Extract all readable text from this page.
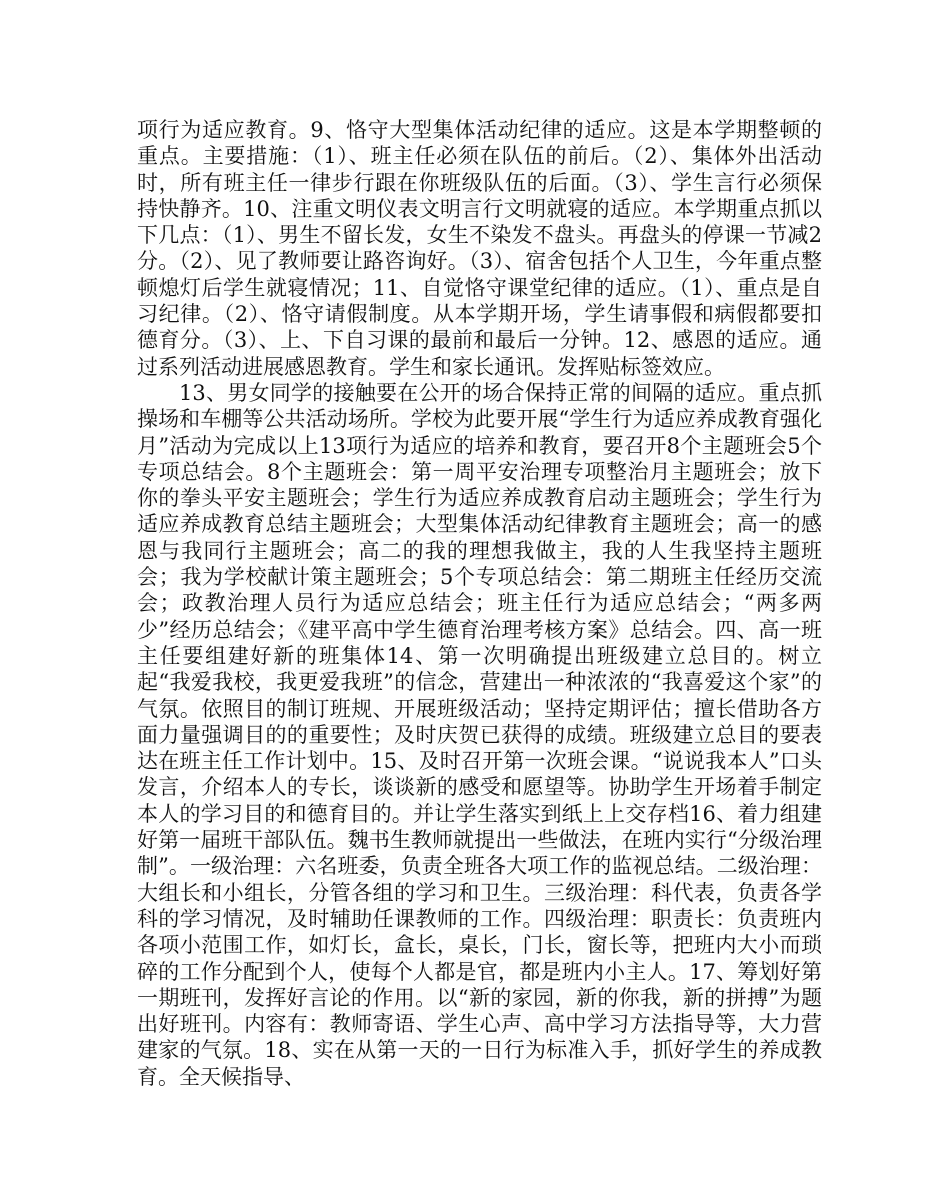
项行为适应教育。9、恪守大型集体活动纪律的适应。这是本学期整顿的重点。主要措施：（1）、班主任必须在队伍的前后。（2）、集体外出活动时，所有班主任一律步行跟在你班级队伍的后面。（3）、学生言行必须保持快静齐。10、注重文明仪表文明言行文明就寝的适应。本学期重点抓以下几点：（1）、男生不留长发，女生不染发不盘头。再盘头的停课一节减2分。（2）、见了教师要让路咨询好。（3）、宿舍包括个人卫生，今年重点整顿熄灯后学生就寝情况；11、自觉恪守课堂纪律的适应。（1）、重点是自习纪律。（2）、恪守请假制度。从本学期开场，学生请事假和病假都要扣德育分。（3）、上、下自习课的最前和最后一分钟。12、感恩的适应。通过系列活动进展感恩教育。学生和家长通讯。发挥贴标签效应。

13、男女同学的接触要在公开的场合保持正常的间隔的适应。重点抓操场和车棚等公共活动场所。学校为此要开展“学生行为适应养成教育强化月”活动为完成以上13项行为适应的培养和教育，要召开8个主题班会5个专项总结会。8个主题班会：第一周平安治理专项整治月主题班会；放下你的拳头平安主题班会；学生行为适应养成教育启动主题班会；学生行为适应养成教育总结主题班会；大型集体活动纪律教育主题班会；高一的感恩与我同行主题班会；高二的我的理想我做主，我的人生我坚持主题班会；我为学校献计策主题班会；5个专项总结会：第二期班主任经历交流会；政教治理人员行为适应总结会；班主任行为适应总结会；“两多两少”经历总结会；《建平高中学生德育治理考核方案》总结会。四、高一班主任要组建好新的班集体14、第一次明确提出班级建立总目的。树立起“我爱我校，我更爱我班”的信念，营建出一种浓浓的“我喜爱这个家”的气氛。依照目的制订班规、开展班级活动；坚持定期评估；擅长借助各方面力量强调目的的重要性；及时庆贺已获得的成绩。班级建立总目的要表达在班主任工作计划中。15、及时召开第一次班会课。“说说我本人”口头发言，介绍本人的专长，谈谈新的感受和愿望等。协助学生开场着手制定本人的学习目的和德育目的。并让学生落实到纸上上交存档16、着力组建好第一届班干部队伍。魏书生教师就提出一些做法，在班内实行“分级治理制”。一级治理：六名班委，负责全班各大项工作的监视总结。二级治理：大组长和小组长，分管各组的学习和卫生。三级治理：科代表，负责各学科的学习情况，及时辅助任课教师的工作。四级治理：职责长：负责班内各项小范围工作，如灯长，盒长，桌长，门长，窗长等，把班内大小而琐碎的工作分配到个人，使每个人都是官，都是班内小主人。17、筹划好第一期班刊，发挥好言论的作用。以“新的家园，新的你我，新的拼搏”为题出好班刊。内容有：教师寄语、学生心声、高中学习方法指导等，大力营建家的气氛。18、实在从第一天的一日行为标准入手，抓好学生的养成教育。全天候指导、
